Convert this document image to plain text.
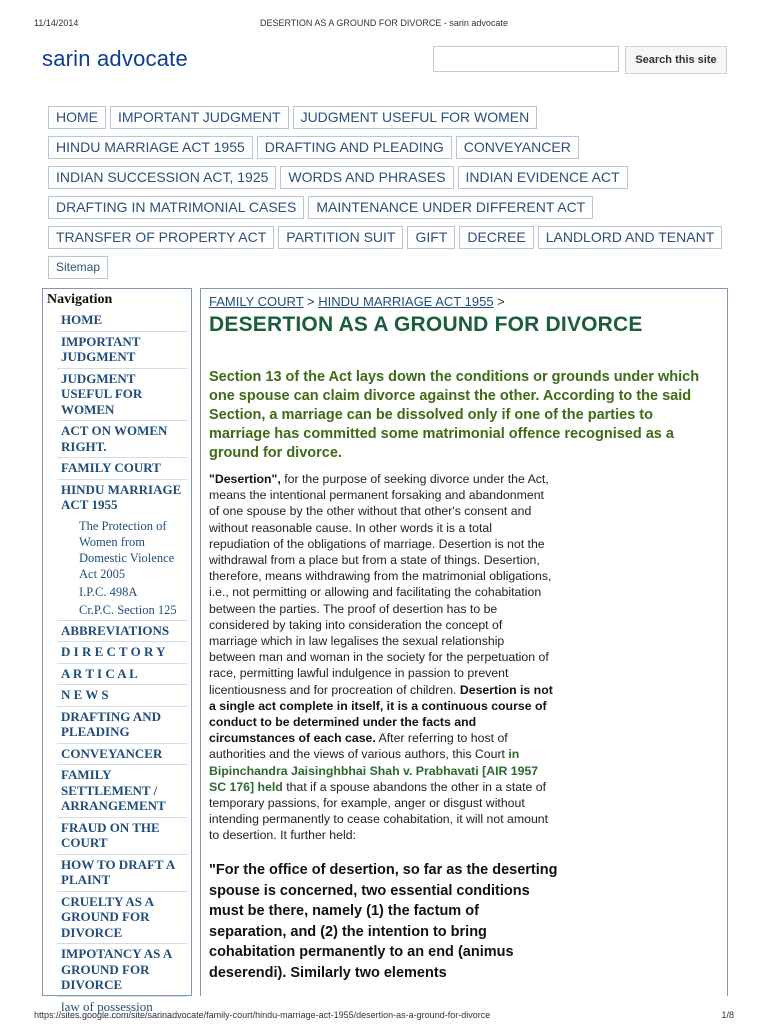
11/14/2014	DESERTION AS A GROUND FOR DIVORCE - sarin advocate
sarin advocate	Search this site
HOME	IMPORTANT JUDGMENT	JUDGMENT USEFUL FOR WOMEN
HINDU MARRIAGE ACT 1955	DRAFTING AND PLEADING	CONVEYANCER
INDIAN SUCCESSION ACT, 1925	WORDS AND PHRASES	INDIAN EVIDENCE ACT
DRAFTING IN MATRIMONIAL CASES	MAINTENANCE UNDER DIFFERENT ACT
TRANSFER OF PROPERTY ACT	PARTITION SUIT	GIFT	DECREE	LANDLORD AND TENANT
Sitemap
Navigation
HOME
IMPORTANT JUDGMENT
JUDGMENT USEFUL FOR WOMEN
ACT ON WOMEN RIGHT.
FAMILY COURT
HINDU MARRIAGE ACT 1955
The Protection of Women from Domestic Violence Act 2005
I.P.C. 498A
Cr.P.C. Section 125
ABBREVIATIONS
D I R E C T O R Y
A R T I C A L
N E W S
DRAFTING AND PLEADING
CONVEYANCER
FAMILY SETTLEMENT / ARRANGEMENT
FRAUD ON THE COURT
HOW TO DRAFT A PLAINT
CRUELTY AS A GROUND FOR DIVORCE
IMPOTANCY AS A GROUND FOR DIVORCE
law of possession
FAMILY COURT > HINDU MARRIAGE ACT 1955 >
DESERTION AS A GROUND FOR DIVORCE
Section 13 of the Act lays down the conditions or grounds under which one spouse can claim divorce against the other. According to the said Section, a marriage can be dissolved only if one of the parties to marriage has committed some matrimonial offence recognised as a ground for divorce.
"Desertion", for the purpose of seeking divorce under the Act, means the intentional permanent forsaking and abandonment of one spouse by the other without that other's consent and without reasonable cause. In other words it is a total repudiation of the obligations of marriage. Desertion is not the withdrawal from a place but from a state of things. Desertion, therefore, means withdrawing from the matrimonial obligations, i.e., not permitting or allowing and facilitating the cohabitation between the parties. The proof of desertion has to be considered by taking into consideration the concept of marriage which in law legalises the sexual relationship between man and woman in the society for the perpetuation of race, permitting lawful indulgence in passion to prevent licentiousness and for procreation of children. Desertion is not a single act complete in itself, it is a continuous course of conduct to be determined under the facts and circumstances of each case. After referring to host of authorities and the views of various authors, this Court in Bipinchandra Jaisinghbhai Shah v. Prabhavati [AIR 1957 SC 176] held that if a spouse abandons the other in a state of temporary passions, for example, anger or disgust without intending permanently to cease cohabitation, it will not amount to desertion. It further held:
"For the office of desertion, so far as the deserting spouse is concerned, two essential conditions must be there, namely (1) the factum of separation, and (2) the intention to bring cohabitation permanently to an end (animus deserendi). Similarly two elements
https://sites.google.com/site/sarinadvocate/family-court/hindu-marriage-act-1955/desertion-as-a-ground-for-divorce	1/8
